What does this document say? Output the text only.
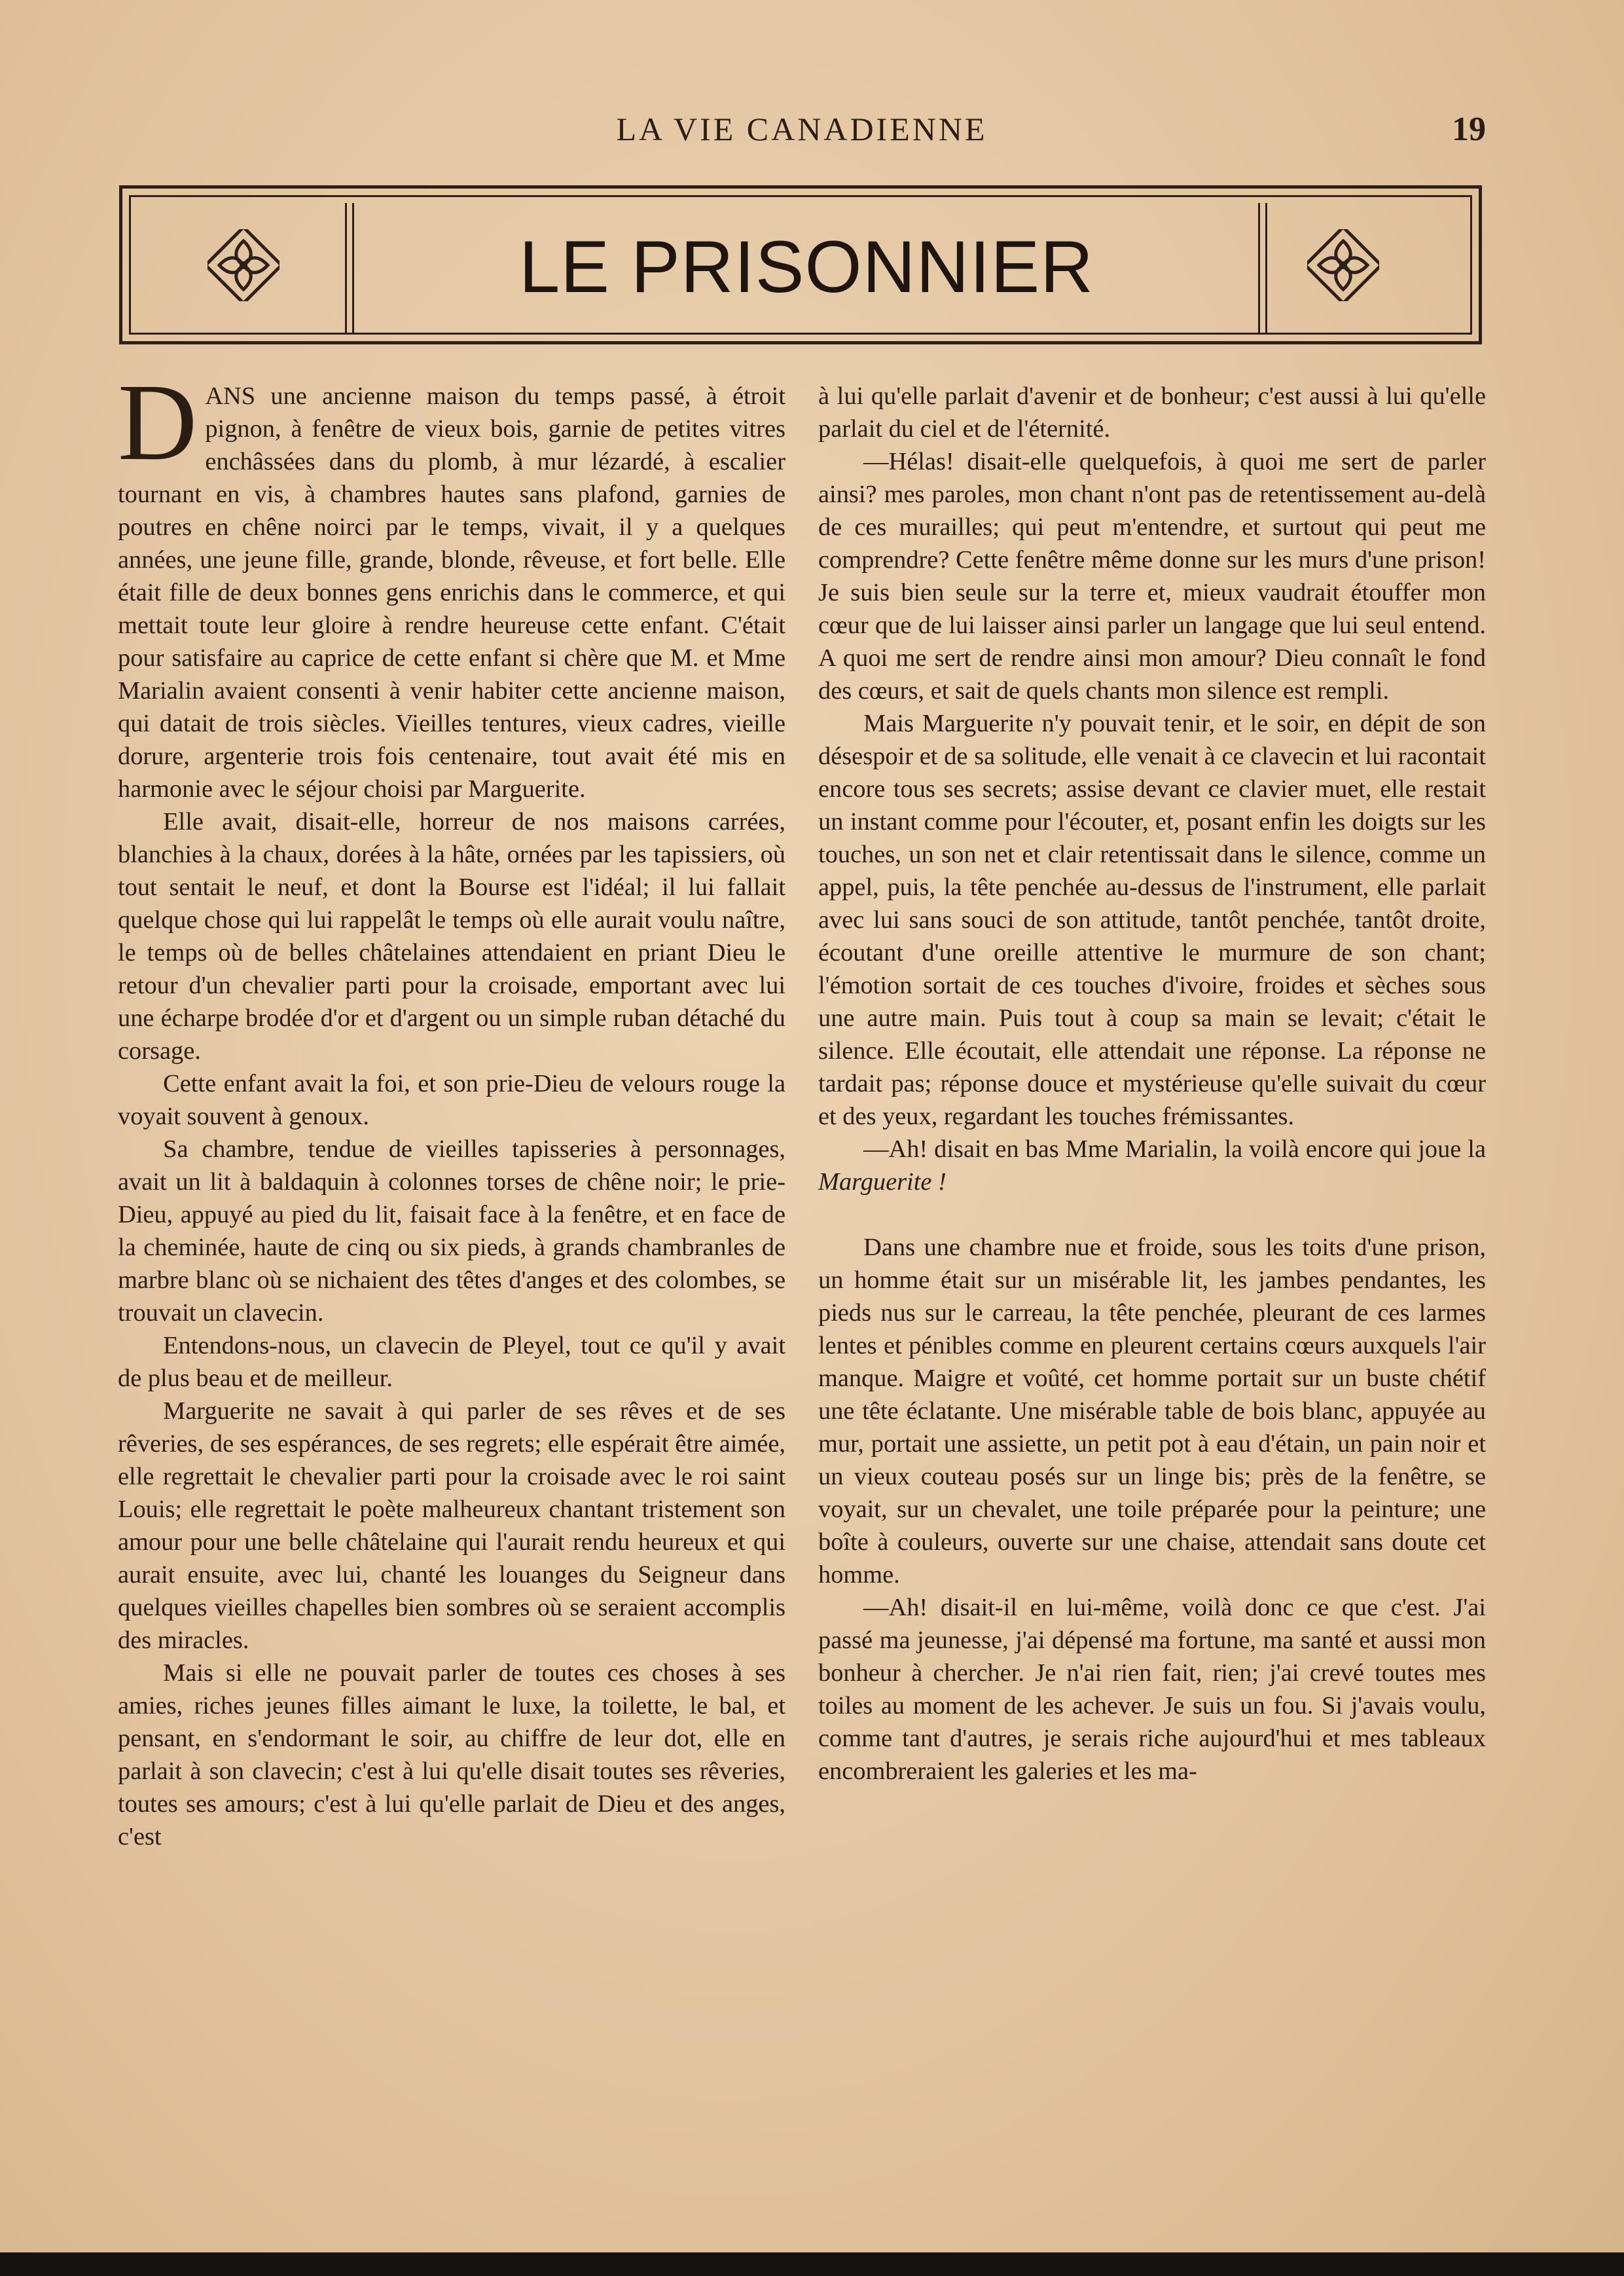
LA VIE CANADIENNE	19
LE PRISONNIER

DANS une ancienne maison du temps passé, à étroit pignon, à fenêtre de vieux bois, garnie de petites vitres enchâssées dans du plomb, à mur lézardé, à escalier tournant en vis, à chambres hautes sans plafond, garnies de poutres en chêne noirci par le temps, vivait, il y a quelques années, une jeune fille, grande, blonde, rêveuse, et fort belle. Elle était fille de deux bonnes gens enrichis dans le commerce, et qui mettait toute leur gloire à rendre heureuse cette enfant. C'était pour satisfaire au caprice de cette enfant si chère que M. et Mme Marialin avaient consenti à venir habiter cette ancienne maison, qui datait de trois siècles. Vieilles tentures, vieux cadres, vieille dorure, argenterie trois fois centenaire, tout avait été mis en harmonie avec le séjour choisi par Marguerite.

Elle avait, disait-elle, horreur de nos maisons carrées, blanchies à la chaux, dorées à la hâte, ornées par les tapissiers, où tout sentait le neuf, et dont la Bourse est l'idéal; il lui fallait quelque chose qui lui rappelât le temps où elle aurait voulu naître, le temps où de belles châtelaines attendaient en priant Dieu le retour d'un chevalier parti pour la croisade, emportant avec lui une écharpe brodée d'or et d'argent ou un simple ruban détaché du corsage.

Cette enfant avait la foi, et son prie-Dieu de velours rouge la voyait souvent à genoux.

Sa chambre, tendue de vieilles tapisseries à personnages, avait un lit à baldaquin à colonnes torses de chêne noir; le prie-Dieu, appuyé au pied du lit, faisait face à la fenêtre, et en face de la cheminée, haute de cinq ou six pieds, à grands chambranles de marbre blanc où se nichaient des têtes d'anges et des colombes, se trouvait un clavecin.

Entendons-nous, un clavecin de Pleyel, tout ce qu'il y avait de plus beau et de meilleur.

Marguerite ne savait à qui parler de ses rêves et de ses rêveries, de ses espérances, de ses regrets; elle espérait être aimée, elle regrettait le chevalier parti pour la croisade avec le roi saint Louis; elle regrettait le poète malheureux chantant tristement son amour pour une belle châtelaine qui l'aurait rendu heureux et qui aurait ensuite, avec lui, chanté les louanges du Seigneur dans quelques vieilles chapelles bien sombres où se seraient accomplis des miracles.

Mais si elle ne pouvait parler de toutes ces choses à ses amies, riches jeunes filles aimant le luxe, la toilette, le bal, et pensant, en s'endormant le soir, au chiffre de leur dot, elle en parlait à son clavecin; c'est à lui qu'elle disait toutes ses rêveries, toutes ses amours; c'est à lui qu'elle parlait de Dieu et des anges, c'est

à lui qu'elle parlait d'avenir et de bonheur; c'est aussi à lui qu'elle parlait du ciel et de l'éternité.

—Hélas! disait-elle quelquefois, à quoi me sert de parler ainsi? mes paroles, mon chant n'ont pas de retentissement au-delà de ces murailles; qui peut m'entendre, et surtout qui peut me comprendre? Cette fenêtre même donne sur les murs d'une prison! Je suis bien seule sur la terre et, mieux vaudrait étouffer mon cœur que de lui laisser ainsi parler un langage que lui seul entend. A quoi me sert de rendre ainsi mon amour? Dieu connaît le fond des cœurs, et sait de quels chants mon silence est rempli.

Mais Marguerite n'y pouvait tenir, et le soir, en dépit de son désespoir et de sa solitude, elle venait à ce clavecin et lui racontait encore tous ses secrets; assise devant ce clavier muet, elle restait un instant comme pour l'écouter, et, posant enfin les doigts sur les touches, un son net et clair retentissait dans le silence, comme un appel, puis, la tête penchée au-dessus de l'instrument, elle parlait avec lui sans souci de son attitude, tantôt penchée, tantôt droite, écoutant d'une oreille attentive le murmure de son chant; l'émotion sortait de ces touches d'ivoire, froides et sèches sous une autre main. Puis tout à coup sa main se levait; c'était le silence. Elle écoutait, elle attendait une réponse. La réponse ne tardait pas; réponse douce et mystérieuse qu'elle suivait du cœur et des yeux, regardant les touches frémissantes.

—Ah! disait en bas Mme Marialin, la voilà encore qui joue la Marguerite !

Dans une chambre nue et froide, sous les toits d'une prison, un homme était sur un misérable lit, les jambes pendantes, les pieds nus sur le carreau, la tête penchée, pleurant de ces larmes lentes et pénibles comme en pleurent certains cœurs auxquels l'air manque. Maigre et voûté, cet homme portait sur un buste chétif une tête éclatante. Une misérable table de bois blanc, appuyée au mur, portait une assiette, un petit pot à eau d'étain, un pain noir et un vieux couteau posés sur un linge bis; près de la fenêtre, se voyait, sur un chevalet, une toile préparée pour la peinture; une boîte à couleurs, ouverte sur une chaise, attendait sans doute cet homme.

—Ah! disait-il en lui-même, voilà donc ce que c'est. J'ai passé ma jeunesse, j'ai dépensé ma fortune, ma santé et aussi mon bonheur à chercher. Je n'ai rien fait, rien; j'ai crevé toutes mes toiles au moment de les achever. Je suis un fou. Si j'avais voulu, comme tant d'autres, je serais riche aujourd'hui et mes tableaux encombreraient les galeries et les ma-
